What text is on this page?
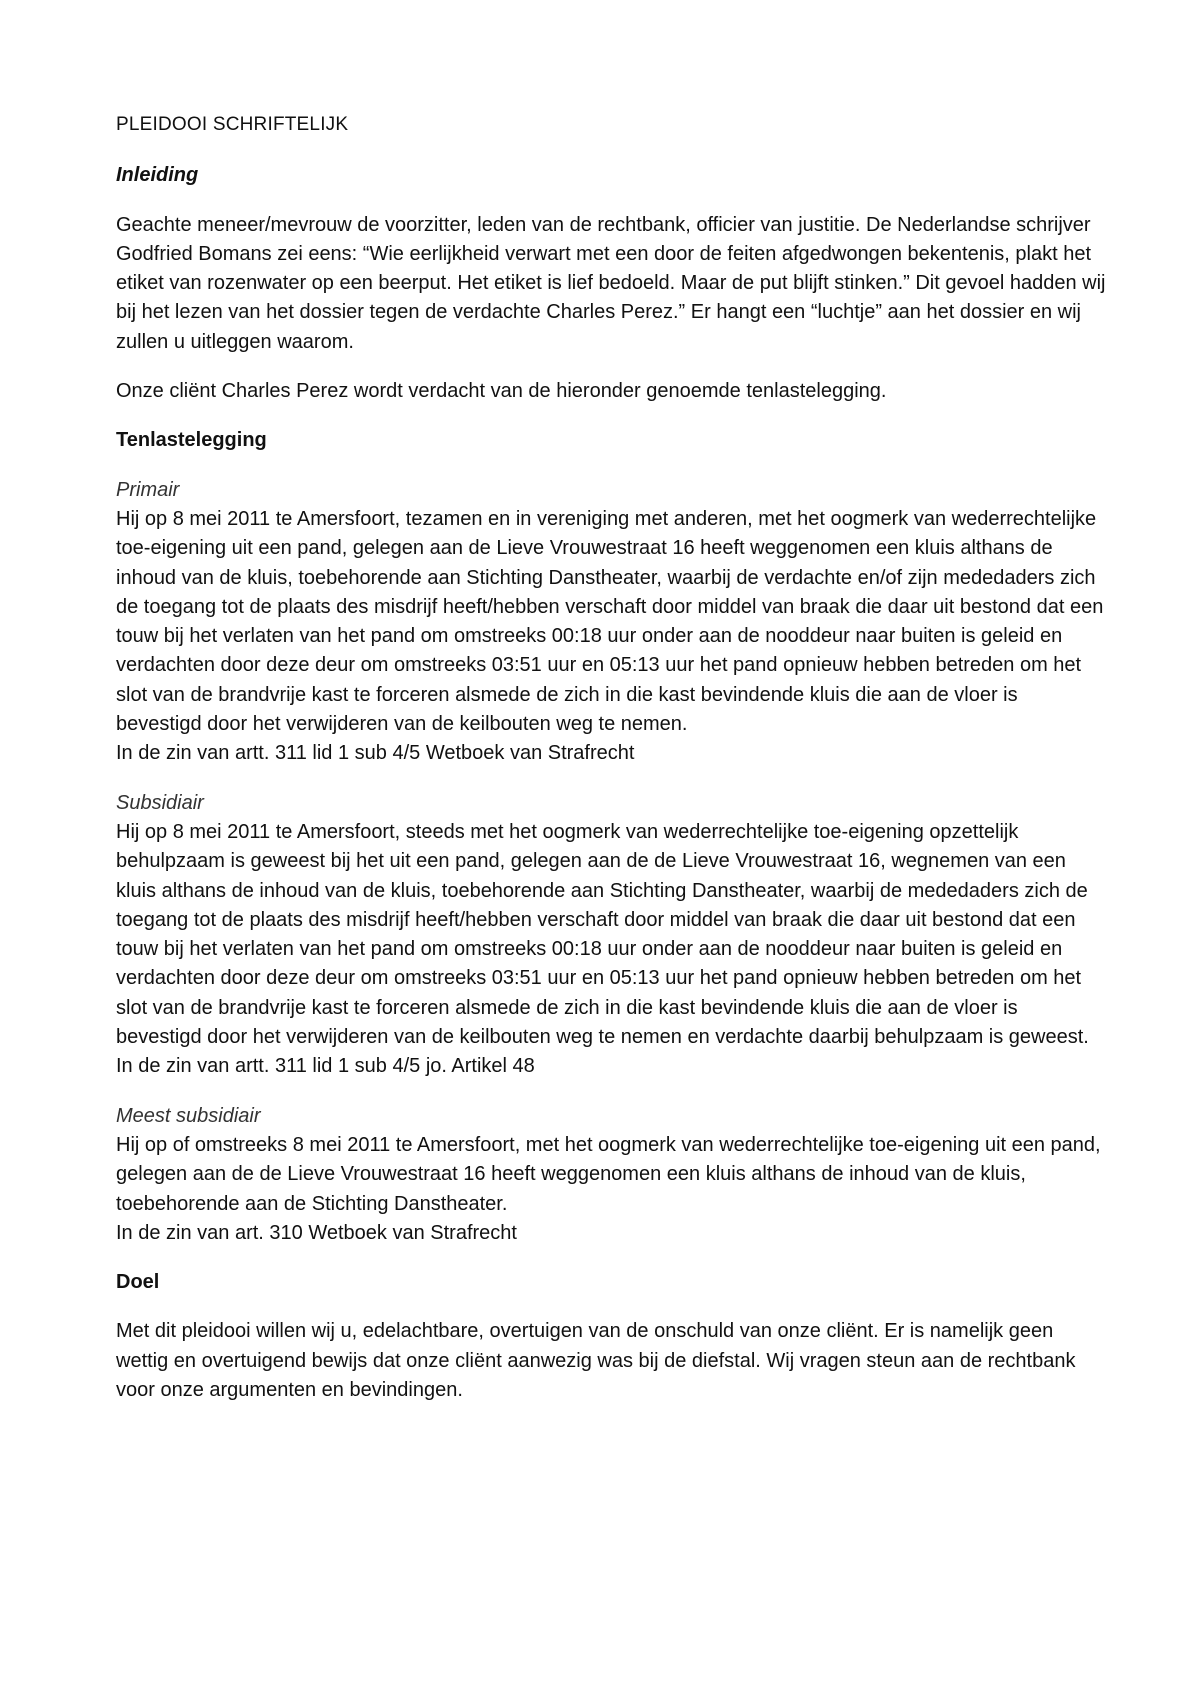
PLEIDOOI SCHRIFTELIJK
Inleiding

Geachte meneer/mevrouw de voorzitter, leden van de rechtbank, officier van justitie. De Nederlandse schrijver Godfried Bomans zei eens: “Wie eerlijkheid verwart met een door de feiten afgedwongen bekentenis, plakt het etiket van rozenwater op een beerput. Het etiket is lief bedoeld. Maar de put blijft stinken.” Dit gevoel hadden wij bij het lezen van het dossier tegen de verdachte Charles Perez.” Er hangt een “luchtje” aan het dossier en wij zullen u uitleggen waarom.

Onze cliënt Charles Perez wordt verdacht van de hieronder genoemde tenlastelegging.

Tenlastelegging
Primair

Hij op 8 mei 2011 te Amersfoort, tezamen en in vereniging met anderen, met het oogmerk van wederrechtelijke toe-eigening uit een pand, gelegen aan de Lieve Vrouwestraat 16 heeft weggenomen een kluis althans de inhoud van de kluis, toebehorende aan Stichting Danstheater, waarbij de verdachte en/of zijn mededaders zich de toegang tot de plaats des misdrijf heeft/hebben verschaft door middel van braak die daar uit bestond dat een touw bij het verlaten van het pand om omstreeks 00:18 uur onder aan de nooddeur naar buiten is geleid en verdachten door deze deur om omstreeks 03:51 uur en 05:13 uur het pand opnieuw hebben betreden om het slot van de brandvrije kast te forceren alsmede de zich in die kast bevindende kluis die aan de vloer is bevestigd door het verwijderen van de keilbouten weg te nemen.

In de zin van artt. 311 lid 1 sub 4/5 Wetboek van Strafrecht

Subsidiair

Hij op 8 mei 2011 te Amersfoort, steeds met het oogmerk van wederrechtelijke toe-eigening opzettelijk behulpzaam is geweest bij het uit een pand, gelegen aan de de Lieve Vrouwestraat 16, wegnemen van een kluis althans de inhoud van de kluis, toebehorende aan Stichting Danstheater, waarbij de mededaders zich de toegang tot de plaats des misdrijf heeft/hebben verschaft door middel van braak die daar uit bestond dat een touw bij het verlaten van het pand om omstreeks 00:18 uur onder aan de nooddeur naar buiten is geleid en verdachten door deze deur om omstreeks 03:51 uur en 05:13 uur het pand opnieuw hebben betreden om het slot van de brandvrije kast te forceren alsmede de zich in die kast bevindende kluis die aan de vloer is bevestigd door het verwijderen van de keilbouten weg te nemen en verdachte daarbij behulpzaam is geweest.

In de zin van artt. 311 lid 1 sub 4/5 jo. Artikel 48

Meest subsidiair

Hij op of omstreeks 8 mei 2011 te Amersfoort, met het oogmerk van wederrechtelijke toe-eigening uit een pand, gelegen aan de de Lieve Vrouwestraat 16 heeft weggenomen een kluis althans de inhoud van de kluis, toebehorende aan de Stichting Danstheater.

In de zin van art. 310 Wetboek van Strafrecht

Doel

Met dit pleidooi willen wij u, edelachtbare, overtuigen van de onschuld van onze cliënt. Er is namelijk geen wettig en overtuigend bewijs dat onze cliënt aanwezig was bij de diefstal. Wij vragen steun aan de rechtbank voor onze argumenten en bevindingen.
